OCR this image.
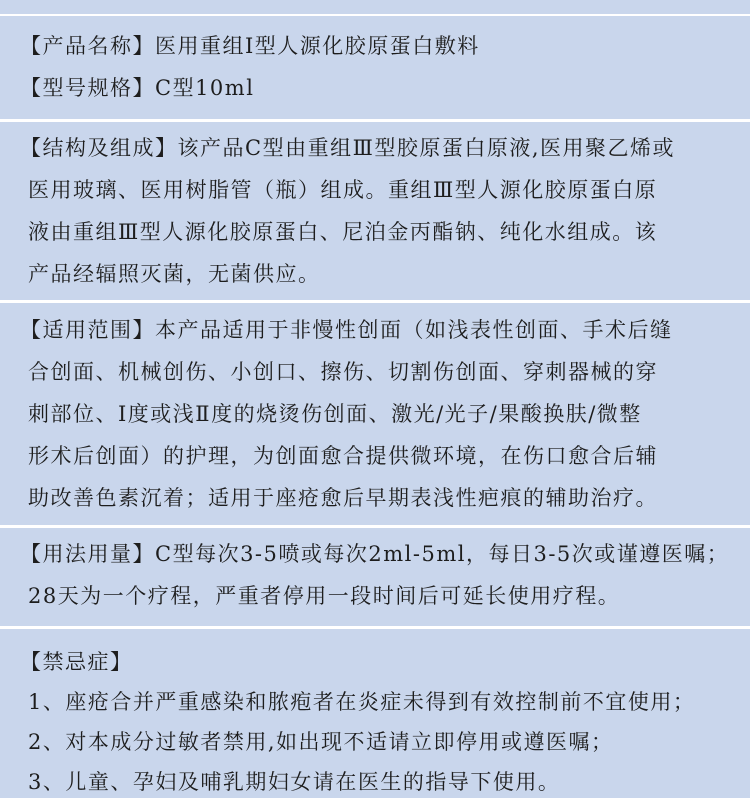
【产品名称】医用重组Ⅰ型人源化胶原蛋白敷料
【型号规格】C型10ml
【结构及组成】该产品C型由重组Ⅲ型胶原蛋白原液,医用聚乙烯或
医用玻璃、医用树脂管（瓶）组成。重组Ⅲ型人源化胶原蛋白原
液由重组Ⅲ型人源化胶原蛋白、尼泊金丙酯钠、纯化水组成。该
产品经辐照灭菌，无菌供应。
【适用范围】本产品适用于非慢性创面（如浅表性创面、手术后缝
合创面、机械创伤、小创口、擦伤、切割伤创面、穿刺器械的穿
刺部位、Ⅰ度或浅Ⅱ度的烧烫伤创面、激光/光子/果酸换肤/微整
形术后创面）的护理，为创面愈合提供微环境，在伤口愈合后辅
助改善色素沉着；适用于座疮愈后早期表浅性疤痕的辅助治疗。
【用法用量】C型每次3-5喷或每次2ml-5ml，每日3-5次或谨遵医嘱；
28天为一个疗程，严重者停用一段时间后可延长使用疗程。
【禁忌症】
1、座疮合并严重感染和脓疱者在炎症未得到有效控制前不宜使用；
2、对本成分过敏者禁用,如出现不适请立即停用或遵医嘱；
3、儿童、孕妇及哺乳期妇女请在医生的指导下使用。
